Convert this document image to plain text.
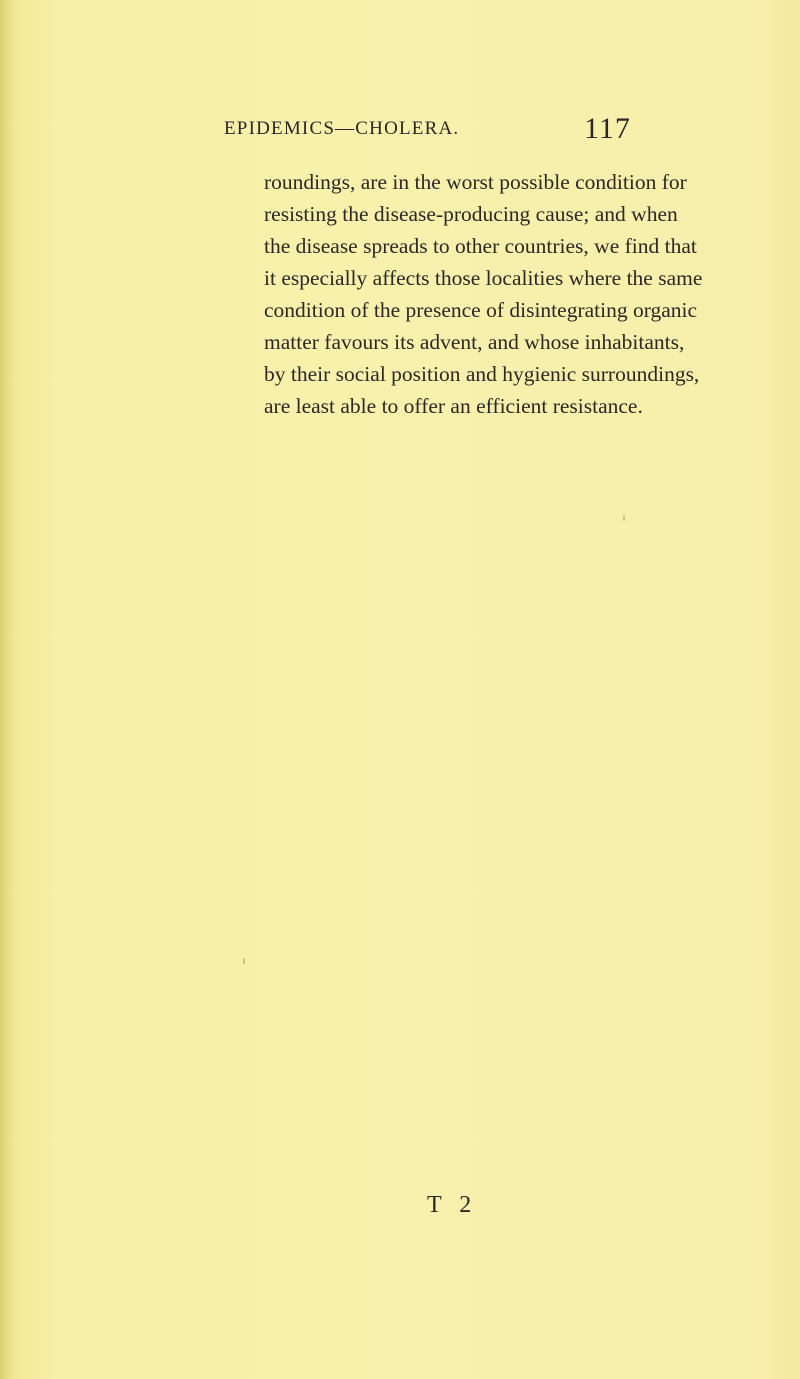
EPIDEMICS—CHOLERA.	117
roundings, are in the worst possible condition for
resisting the disease-producing cause; and when
the disease spreads to other countries, we find that
it especially affects those localities where the same
condition of the presence of disintegrating organic
matter favours its advent, and whose inhabitants,
by their social position and hygienic surroundings,
are least able to offer an efficient resistance.
T 2
